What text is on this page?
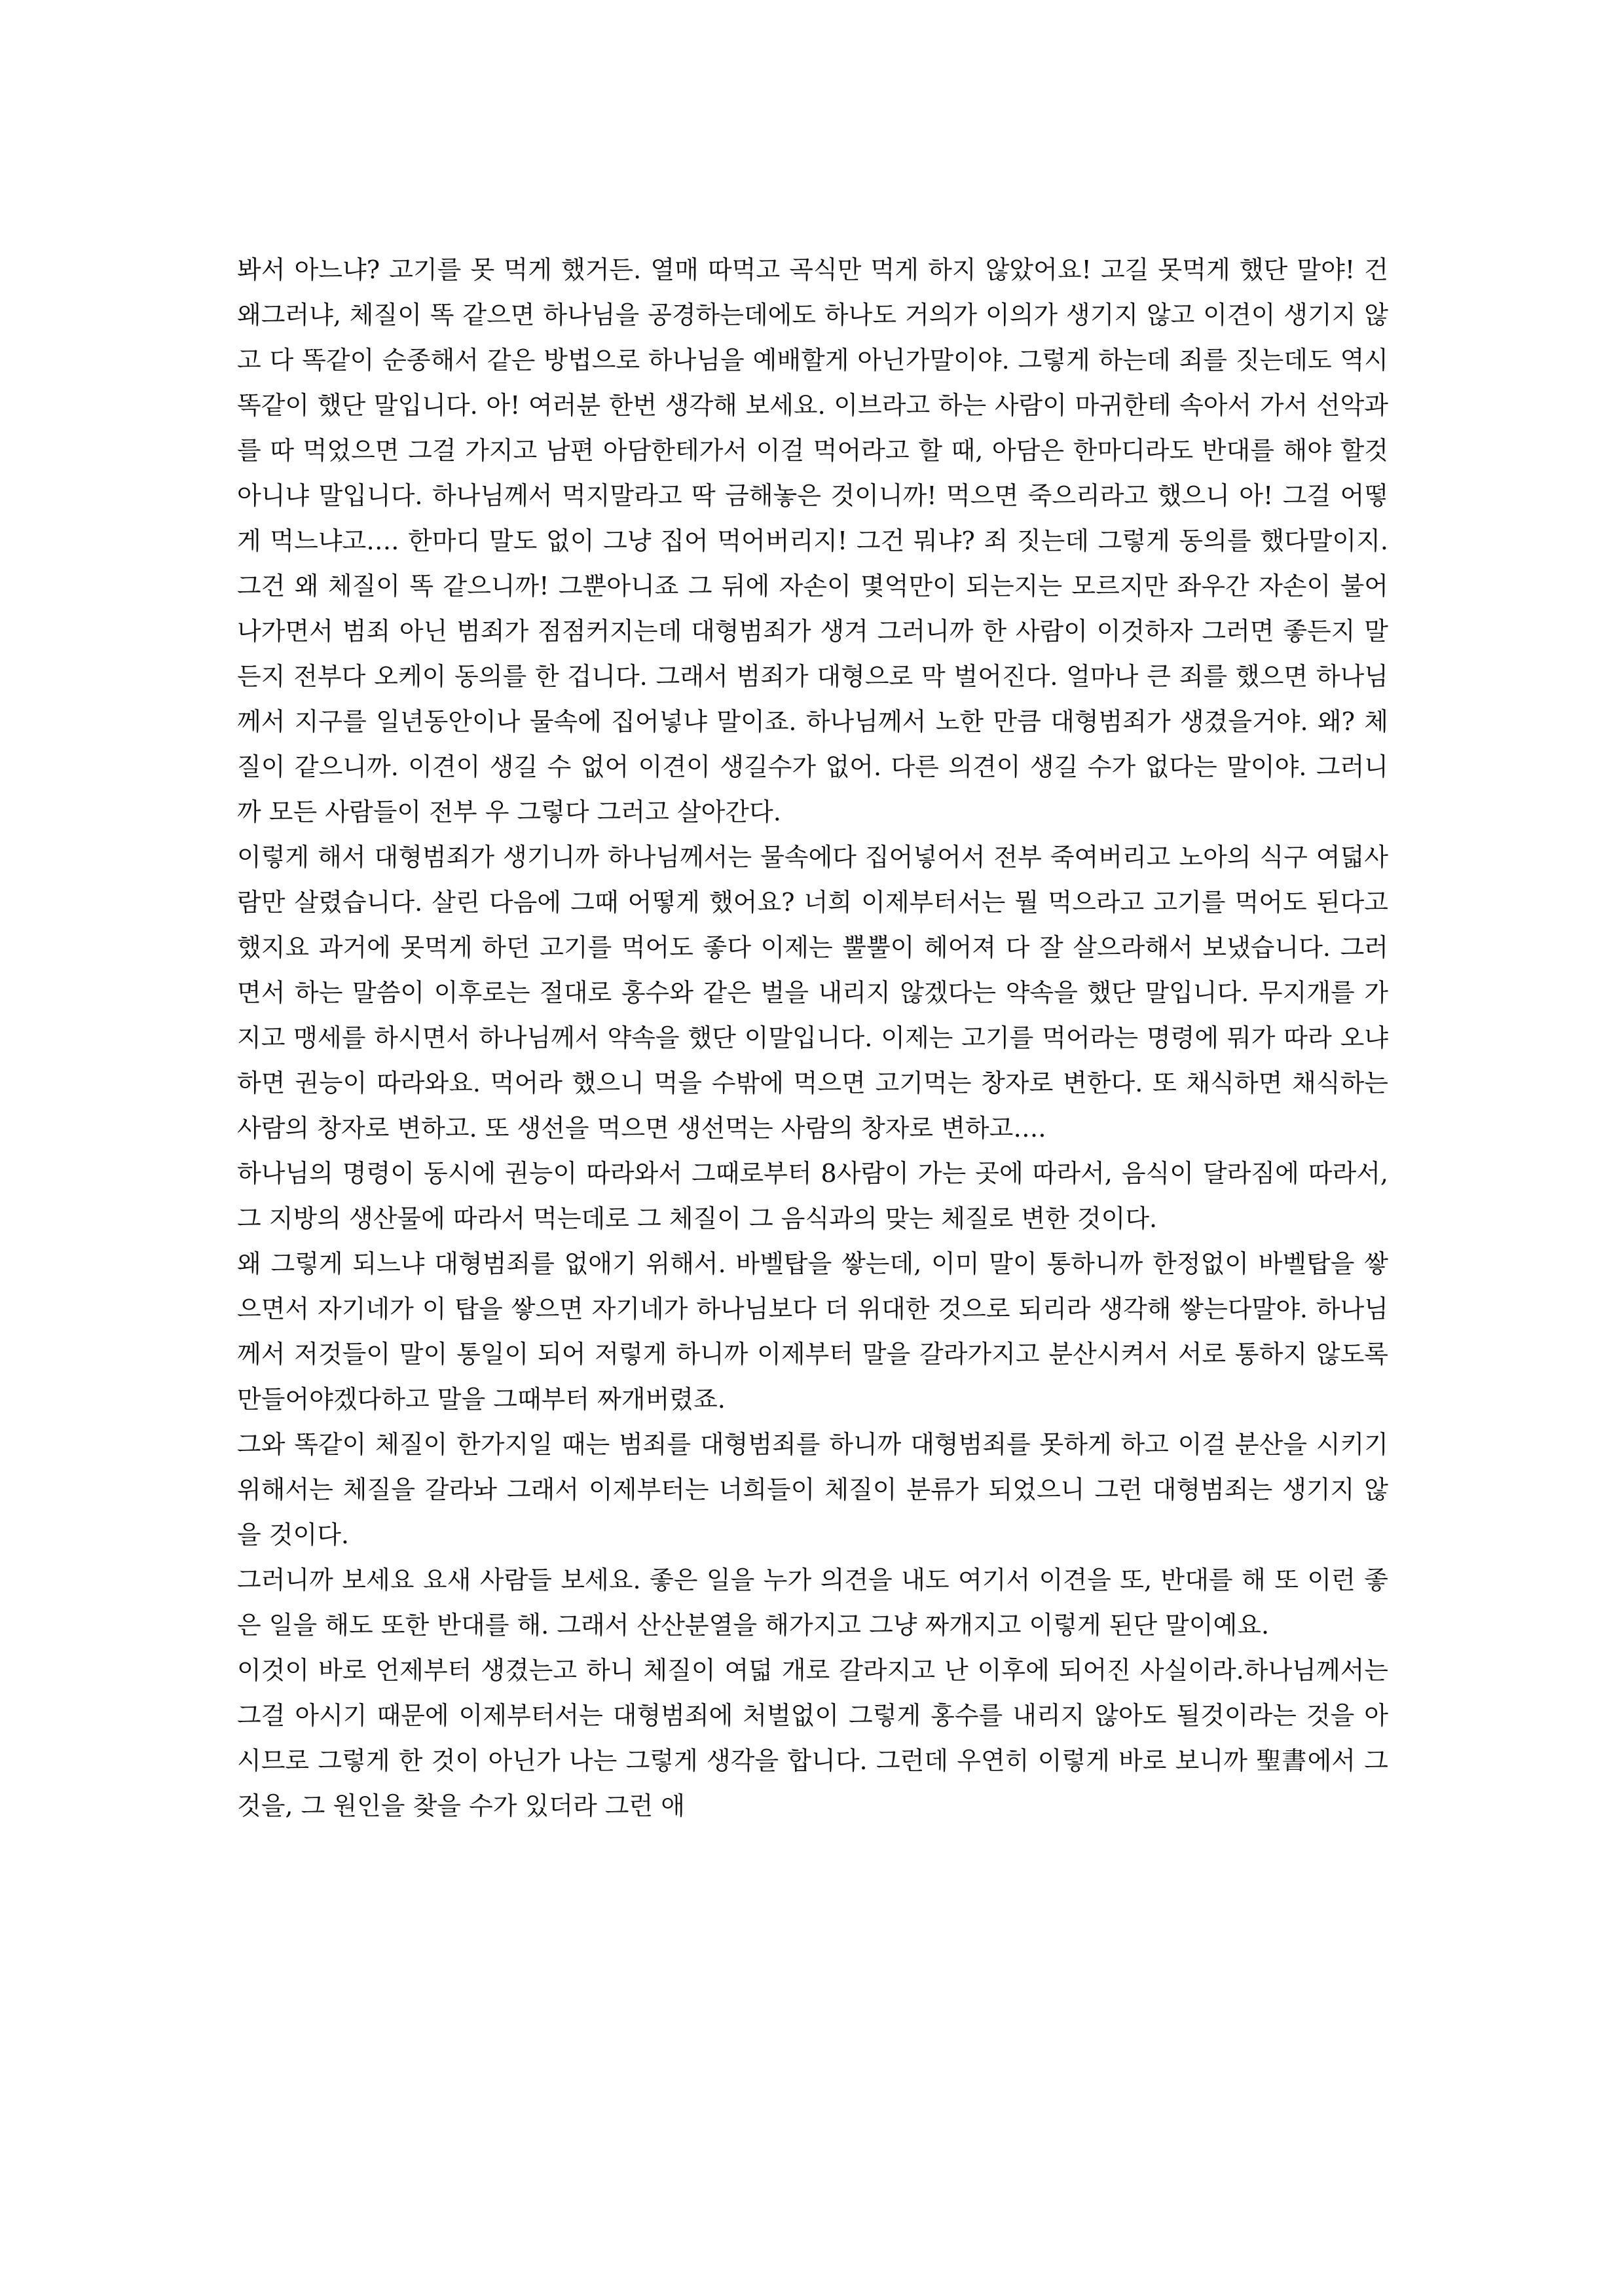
봐서 아느냐? 고기를 못 먹게 했거든. 열매 따먹고 곡식만 먹게 하지 않았어요! 고길 못먹게 했단 말야! 건 왜그러냐, 체질이 똑 같으면 하나님을 공경하는데에도 하나도 거의가 이의가 생기지 않고 이견이 생기지 않고 다 똑같이 순종해서 같은 방법으로 하나님을 예배할게 아닌가말이야. 그렇게 하는데 죄를 짓는데도 역시 똑같이 했단 말입니다. 아! 여러분 한번 생각해 보세요. 이브라고 하는 사람이 마귀한테 속아서 가서 선악과를 따 먹었으면 그걸 가지고 남편 아담한테가서 이걸 먹어라고 할 때, 아담은 한마디라도 반대를 해야 할것 아니냐 말입니다. 하나님께서 먹지말라고 딱 금해놓은 것이니까! 먹으면 죽으리라고 했으니 아! 그걸 어떻게 먹느냐고…. 한마디 말도 없이 그냥 집어 먹어버리지! 그건 뭐냐? 죄 짓는데 그렇게 동의를 했다말이지. 그건 왜 체질이 똑 같으니까! 그뿐아니죠 그 뒤에 자손이 몇억만이 되는지는 모르지만 좌우간 자손이 불어나가면서 범죄 아닌 범죄가 점점커지는데 대형범죄가 생겨 그러니까 한 사람이 이것하자 그러면 좋든지 말든지 전부다 오케이 동의를 한 겁니다. 그래서 범죄가 대형으로 막 벌어진다. 얼마나 큰 죄를 했으면 하나님께서 지구를 일년동안이나 물속에 집어넣냐 말이죠. 하나님께서 노한 만큼 대형범죄가 생겼을거야. 왜? 체질이 같으니까. 이견이 생길 수 없어 이견이 생길수가 없어. 다른 의견이 생길 수가 없다는 말이야. 그러니까 모든 사람들이 전부 우 그렇다 그러고 살아간다.

이렇게 해서 대형범죄가 생기니까 하나님께서는 물속에다 집어넣어서 전부 죽여버리고 노아의 식구 여덟사람만 살렸습니다. 살린 다음에 그때 어떻게 했어요? 너희 이제부터서는 뭘 먹으라고 고기를 먹어도 된다고 했지요 과거에 못먹게 하던 고기를 먹어도 좋다 이제는 뿔뿔이 헤어져 다 잘 살으라해서 보냈습니다. 그러면서 하는 말씀이 이후로는 절대로 홍수와 같은 벌을 내리지 않겠다는 약속을 했단 말입니다. 무지개를 가지고 맹세를 하시면서 하나님께서 약속을 했단 이말입니다. 이제는 고기를 먹어라는 명령에 뭐가 따라 오냐하면 권능이 따라와요. 먹어라 했으니 먹을 수밖에 먹으면 고기먹는 창자로 변한다. 또 채식하면 채식하는 사람의 창자로 변하고. 또 생선을 먹으면 생선먹는 사람의 창자로 변하고….

하나님의 명령이 동시에 권능이 따라와서 그때로부터 8사람이 가는 곳에 따라서, 음식이 달라짐에 따라서, 그 지방의 생산물에 따라서 먹는데로 그 체질이 그 음식과의 맞는 체질로 변한 것이다.

왜 그렇게 되느냐 대형범죄를 없애기 위해서. 바벨탑을 쌓는데, 이미 말이 통하니까 한정없이 바벨탑을 쌓으면서 자기네가 이 탑을 쌓으면 자기네가 하나님보다 더 위대한 것으로 되리라 생각해 쌓는다말야. 하나님께서 저것들이 말이 통일이 되어 저렇게 하니까 이제부터 말을 갈라가지고 분산시켜서 서로 통하지 않도록 만들어야겠다하고 말을 그때부터 짜개버렸죠.

그와 똑같이 체질이 한가지일 때는 범죄를 대형범죄를 하니까 대형범죄를 못하게 하고 이걸 분산을 시키기 위해서는 체질을 갈라놔 그래서 이제부터는 너희들이 체질이 분류가 되었으니 그런 대형범죄는 생기지 않을 것이다.

그러니까 보세요 요새 사람들 보세요. 좋은 일을 누가 의견을 내도 여기서 이견을 또, 반대를 해 또 이런 좋은 일을 해도 또한 반대를 해. 그래서 산산분열을 해가지고 그냥 짜개지고 이렇게 된단 말이예요.

이것이 바로 언제부터 생겼는고 하니 체질이 여덟 개로 갈라지고 난 이후에 되어진 사실이라.하나님께서는 그걸 아시기 때문에 이제부터서는 대형범죄에 처벌없이 그렇게 홍수를 내리지 않아도 될것이라는 것을 아시므로 그렇게 한 것이 아닌가 나는 그렇게 생각을 합니다. 그런데 우연히 이렇게 바로 보니까 聖書에서 그것을, 그 원인을 찾을 수가 있더라 그런 애
